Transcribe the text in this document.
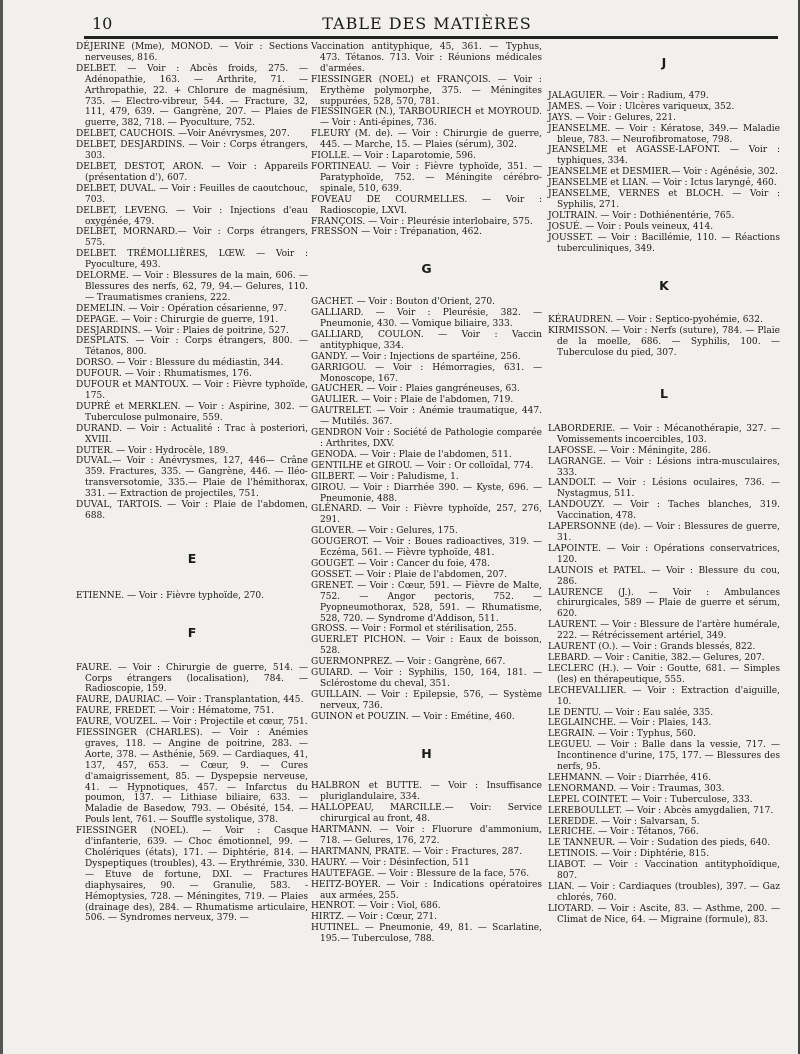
10	TABLE DES MATIÈRES
DÉJERINE (Mme), MONOD. — Voir : Sections nerveuses, 816.
DELBET. — Voir : Abcès froids, 275. — Adénopathie, 163. — Arthrite, 71. — Arthropathie, 22. + Chlorure de magnésium, 735. — Electro-vibreur, 544. — Fracture, 32, 111, 479, 639. — Gangrène, 207. — Plaies de guerre, 382, 718. — Pyoculture, 752.
DELBET, CAUCHOIS. —Voir Anévrysmes, 207.
DELBET, DESJARDINS. — Voir : Corps étrangers, 303.
DELBET, DESTOT, ARON. — Voir : Appareils (présentation d'), 607.
DELBET, DUVAL. — Voir : Feuilles de caoutchouc, 703.
DELBET, LEVENG. — Voir : Injections d'eau oxygénée, 479.
DELBET, MORNARD.— Voir : Corps étrangers, 575.
DELBET. TRÉMOLLIÈRES, LŒW. — Voir : Pyoculture, 493.
DELORME. — Voir : Blessures de la main, 606. — Blessures des nerfs, 62, 79, 94.— Gelures, 110. — Traumatismes craniens, 222.
DEMELIN. — Voir : Opération césarienne, 97.
DEPAGE. — Voir : Chirurgie de guerre, 191.
DESJARDINS. — Voir : Plaies de poitrine, 527.
DESPLATS. — Voir : Corps étrangers, 800. — Tétanos, 800.
DORSO. — Voir : Blessure du médiastin, 344.
DUFOUR. — Voir : Rhumatismes, 176.
DUFOUR et MANTOUX. — Voir : Fièvre typhoïde, 175.
DUPRÉ et MERKLEN. — Voir : Aspirine, 302. — Tuberculose pulmonaire, 559.
DURAND. — Voir : Actualité : Trac à posteriori, XVIII.
DUTER. — Voir : Hydrocèle, 189.
DUVAL.— Voir : Anévrysmes, 127, 446— Crâne 359. Fractures, 335. — Gangrène, 446. — Iléo-transversotomie, 335.— Plaie de l'hémithorax, 331. — Extraction de projectiles, 751.
DUVAL, TARTOIS. — Voir : Plaie de l'abdomen, 688.
E
ETIENNE. — Voir : Fièvre typhoïde, 270.
F
FAURE. — Voir : Chirurgie de guerre, 514. — Corps étrangers (localisation), 784. — Radioscopie, 159.
FAURE, DAURIAC. — Voir : Transplantation, 445.
FAURE, FREDET. — Voir : Hématome, 751.
FAURE, VOUZEL. — Voir : Projectile et cœur, 751.
FIESSINGER (CHARLES). — Voir : Anémies graves, 118. — Angine de poitrine, 283. — Aorte, 378. — Asthénie, 569. — Cardiaques, 41, 137, 457, 653. — Cœur, 9. — Cures d'amaigrissement, 85. — Dyspepsie nerveuse, 41. — Hypnotiques, 457. — Infarctus du poumon, 137. — Lithiase biliaire, 633. — Maladie de Basedow, 793. — Obésité, 154. — Pouls lent, 761. — Souffle systolique, 378.
FIESSINGER (NOEL). — Voir : Casque d'infanterie, 639. — Choc émotionnel, 99. — Cholériques (états), 171. — Diphtérie, 814. — Dyspeptiques (troubles), 43. — Erythrémie, 330. — Etuve de fortune, DXI. — Fractures diaphysaires, 90. — Granulie, 583. - Hémoptysies, 728. — Méningites, 719. — Plaies (drainage des), 284. — Rhumatisme articulaire, 506. — Syndromes nerveux, 379. —
Vaccination antityphique, 45, 361. — Typhus, 473. Tétanos. 713. Voir : Réunions médicales d'armées.
FIESSINGER (NOEL) et FRANÇOIS. — Voir : Erythème polymorphe, 375. — Méningites suppurées, 528, 570, 781.
FIESSINGER (N.), TARBOURIECH et MOYROUD. — Voir : Anti-épines, 736.
FLEURY (M. de). — Voir : Chirurgie de guerre, 445. — Marche, 15. — Plaies (sérum), 302.
FIOLLE. — Voir : Laparotomie, 596.
FORTINEAU. — Voir : Fièvre typhoïde, 351. — Paratyphoïde, 752. — Méningite cérébro-spinale, 510, 639.
FOVEAU DE COURMELLES. — Voir : Radioscopie, LXVI.
FRANÇOIS. — Voir : Pleurésie interlobaire, 575.
FRESSON — Voir : Trépanation, 462.
G
GACHET. — Voir : Bouton d'Orient, 270.
GALLIARD. — Voir : Pleurésie, 382. — Pneumonie, 430. — Vomique biliaire, 333.
GALLIARD, COULON. — Voir : Vaccin antityphique, 334.
GANDY. — Voir : Injections de spartéine, 256.
GARRIGOU. — Voir : Hémorragies, 631. — Monoscope, 167.
GAUCHER. — Voir : Plaies gangréneuses, 63.
GAULIER. — Voir : Plaie de l'abdomen, 719.
GAUTRELET. — Voir : Anémie traumatique, 447. — Mutilés. 367.
GENDRON Voir : Société de Pathologie comparée : Arthrites, DXV.
GENODA. — Voir : Plaie de l'abdomen, 511.
GENTILHE et GIROU. — Voir : Or colloïdal, 774.
GILBERT. — Voir : Paludisme, 1.
GIROU. — Voir : Diarrhée 390. — Kyste, 696. — Pneumonie, 488.
GLÉNARD. — Voir : Fièvre typhoïde, 257, 276, 291.
GLOVER. — Voir : Gelures, 175.
GOUGEROT. — Voir : Boues radioactives, 319. — Eczéma, 561. — Fièvre typhoïde, 481.
GOUGET. — Voir : Cancer du foie, 478.
GOSSET. — Voir : Plaie de l'abdomen, 207.
GRENET. — Voir : Cœur, 591. — Fièvre de Malte, 752. — Angor pectoris, 752. — Pyopneumothorax, 528, 591. — Rhumatisme, 528, 720. — Syndrome d'Addison, 511.
GROSS. — Voir : Formol et stérilisation, 255.
GUERLET PICHON. — Voir : Eaux de boisson, 528.
GUERMONPREZ. — Voir : Gangrène, 667.
GUIARD. — Voir : Syphilis, 150, 164, 181. — Sclérostome du cheval, 351.
GUILLAIN. — Voir : Epilepsie, 576, — Système nerveux, 736.
GUINON et POUZIN. — Voir : Emétine, 460.
H
HALBRON et BUTTE. — Voir : Insuffisance pluriglandulaire, 334.
HALLOPEAU, MARCILLE.— Voir: Service chirurgical au front, 48.
HARTMANN. — Voir : Fluorure d'ammonium, 718. — Gelures, 176, 272.
HARTMANN, PRATE. — Voir : Fractures, 287.
HAURY. — Voir : Désinfection, 511
HAUTEFAGE. — Voir : Blessure de la face, 576.
HEITZ-BOYER. — Voir : Indications opératoires aux armées, 255.
HENROT. — Voir : Viol, 686.
HIRTZ. — Voir : Cœur, 271.
HUTINEL. — Pneumonie, 49, 81. — Scarlatine, 195.— Tuberculose, 788.
J
JALAGUIER. — Voir : Radium, 479.
JAMES. — Voir : Ulcères variqueux, 352.
JAYS. — Voir : Gelures, 221.
JEANSELME. — Voir : Kératose, 349.— Maladie bleue, 783. — Neurofibromatose, 798.
JEANSELME et AGASSE-LAFONT. — Voir : typhiques, 334.
JEANSELME et DESMIER.— Voir : Agénésie, 302.
JEANSELME et LIAN. — Voir : Ictus laryngé, 460.
JEANSELME, VERNES et BLOCH. — Voir : Syphilis, 271.
JOLTRAIN. — Voir : Dothiénentérie, 765.
JOSUÉ. — Voir : Pouls veineux, 414.
JOUSSET. — Voir : Bacillémie, 110. — Réactions tuberculiniques, 349.
K
KÉRAUDREN. — Voir : Septico-pyohémie, 632.
KIRMISSON. — Voir : Nerfs (suture), 784. — Plaie de la moelle, 686. — Syphilis, 100. — Tuberculose du pied, 307.
L
LABORDERIE. — Voir : Mécanothérapie, 327. — Vomissements incoercibles, 103.
LAFOSSE. — Voir : Méningite, 286.
LAGRANGE. — Voir : Lésions intra-musculaires, 333.
LANDOLT. — Voir : Lésions oculaires, 736. — Nystagmus, 511.
LANDOUZY. — Voir : Taches blanches, 319. Vaccination, 478.
LAPERSONNE (de). — Voir : Blessures de guerre, 31.
LAPOINTE. — Voir : Opérations conservatrices, 120.
LAUNOIS et PATEL. — Voir : Blessure du cou, 286.
LAURENCE (J.). — Voir : Ambulances chirurgicales, 589 — Plaie de guerre et sérum, 620.
LAURENT. — Voir : Blessure de l'artère humérale, 222. — Rétrécissement artériel, 349.
LAURENT (O.). — Voir : Grands blessés, 822.
LEBARD. — Voir : Canitie, 382.— Gelures, 207.
LECLERC (H.). — Voir : Goutte, 681. — Simples (les) en thérapeutique, 555.
LECHEVALLIER. — Voir : Extraction d'aiguille, 10.
LE DENTU. — Voir : Eau salée, 335.
LEGLAINCHE. — Voir : Plaies, 143.
LEGRAIN. — Voir : Typhus, 560.
LEGUEU. — Voir : Balle dans la vessie, 717. — Incontinence d'urine, 175, 177. — Blessures des nerfs, 95.
LEHMANN. — Voir : Diarrhée, 416.
LENORMAND. — Voir : Traumas, 303.
LEPEL COINTET. — Voir : Tuberculose, 333.
LEREBOULLET. — Voir : Abcès amygdalien, 717.
LEREDDE. — Voir : Salvarsan, 5.
LERICHE. — Voir : Tétanos, 766.
LE TANNEUR. — Voir : Sudation des pieds, 640.
LETINOIS. — Voir : Diphtérie, 815.
LIABOT. — Voir : Vaccination antityphoïdique, 807.
LIAN. — Voir : Cardiaques (troubles), 397. — Gaz chlorés, 760.
LIOTARD. — Voir : Ascite, 83. — Asthme, 200. — Climat de Nice, 64. — Migraine (formule), 83.
